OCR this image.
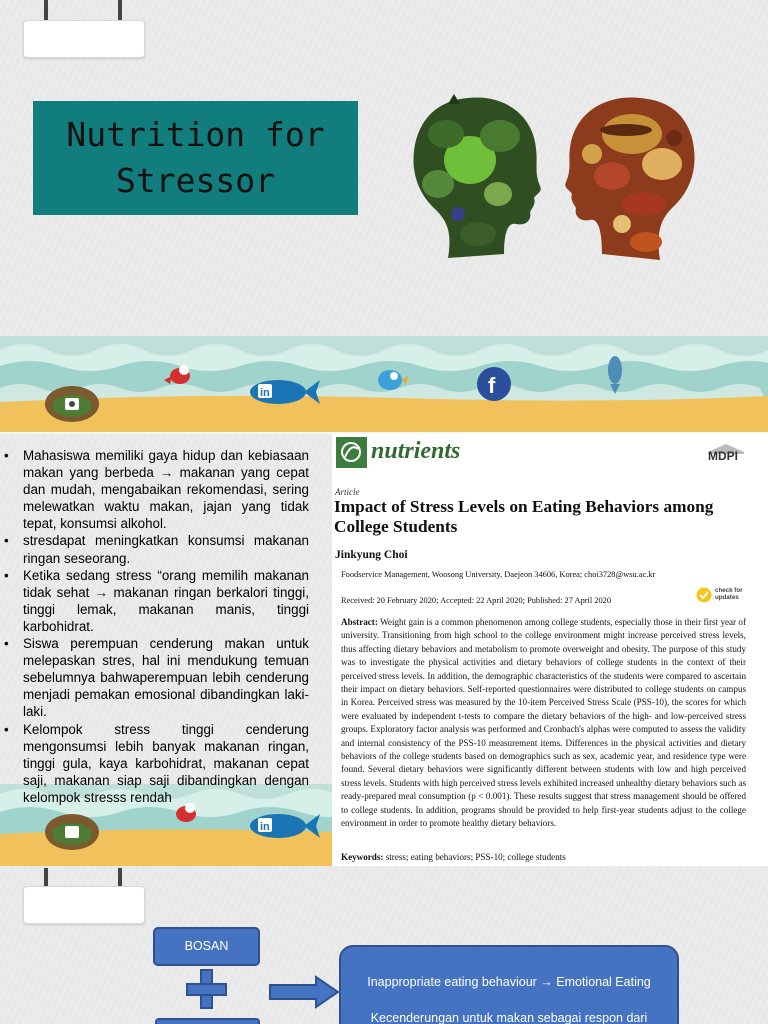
Nutrition for Stressor
in	f
in
• Mahasiswa memiliki gaya hidup dan kebiasaan makan yang berbeda → makanan yang cepat dan mudah, mengabaikan rekomendasi, sering melewatkan waktu makan, jajan yang tidak tepat, konsumsi alkohol.
• stresdapat meningkatkan konsumsi makanan ringan seseorang.
• Ketika sedang stress “orang memilih makanan tidak sehat → makanan ringan berkalori tinggi, tinggi lemak, makanan manis, tinggi karbohidrat.
• Siswa perempuan cenderung makan untuk melepaskan stres, hal ini mendukung temuan sebelumnya bahwaperempuan lebih cenderung menjadi pemakan emosional dibandingkan laki-laki.
• Kelompok stress tinggi cenderung mengonsumsi lebih banyak makanan ringan, tinggi gula, kaya karbohidrat, makanan cepat saji, makanan siap saji dibandingkan dengan kelompok stresss rendah
nutrients	MDPI
Article
Impact of Stress Levels on Eating Behaviors among College Students
Jinkyung Choi
Foodservice Management, Woosong University, Daejeon 34606, Korea; choi3728@wsu.ac.kr
Received: 20 February 2020; Accepted: 22 April 2020; Published: 27 April 2020
check for updates
Abstract: Weight gain is a common phenomenon among college students, especially those in their first year of university. Transitioning from high school to the college environment might increase perceived stress levels, thus affecting dietary behaviors and metabolism to promote overweight and obesity. The purpose of this study was to investigate the physical activities and dietary behaviors of college students in the context of their perceived stress levels. In addition, the demographic characteristics of the students were compared to ascertain their impact on dietary behaviors. Self-reported questionnaires were distributed to college students on campus in Korea. Perceived stress was measured by the 10-item Perceived Stress Scale (PSS-10), the scores for which were evaluated by independent t-tests to compare the dietary behaviors of the high- and low-perceived stress groups. Exploratory factor analysis was performed and Cronbach's alphas were computed to assess the validity and internal consistency of the PSS-10 measurement items. Differences in the physical activities and dietary behaviors of the college students based on demographics such as sex, academic year, and residence type were found. Several dietary behaviors were significantly different between students with low and high perceived stress levels. Students with high perceived stress levels exhibited increased unhealthy dietary behaviors such as ready-prepared meal consumption (p < 0.001). These results suggest that stress management should be offered to college students. In addition, programs should be provided to help first-year students adjust to the college environment in order to promote healthy dietary behaviors.
Keywords: stress; eating behaviors; PSS-10; college students
BOSAN
Inappropriate eating behaviour → Emotional Eating
Kecenderungan untuk makan sebagai respon dari
